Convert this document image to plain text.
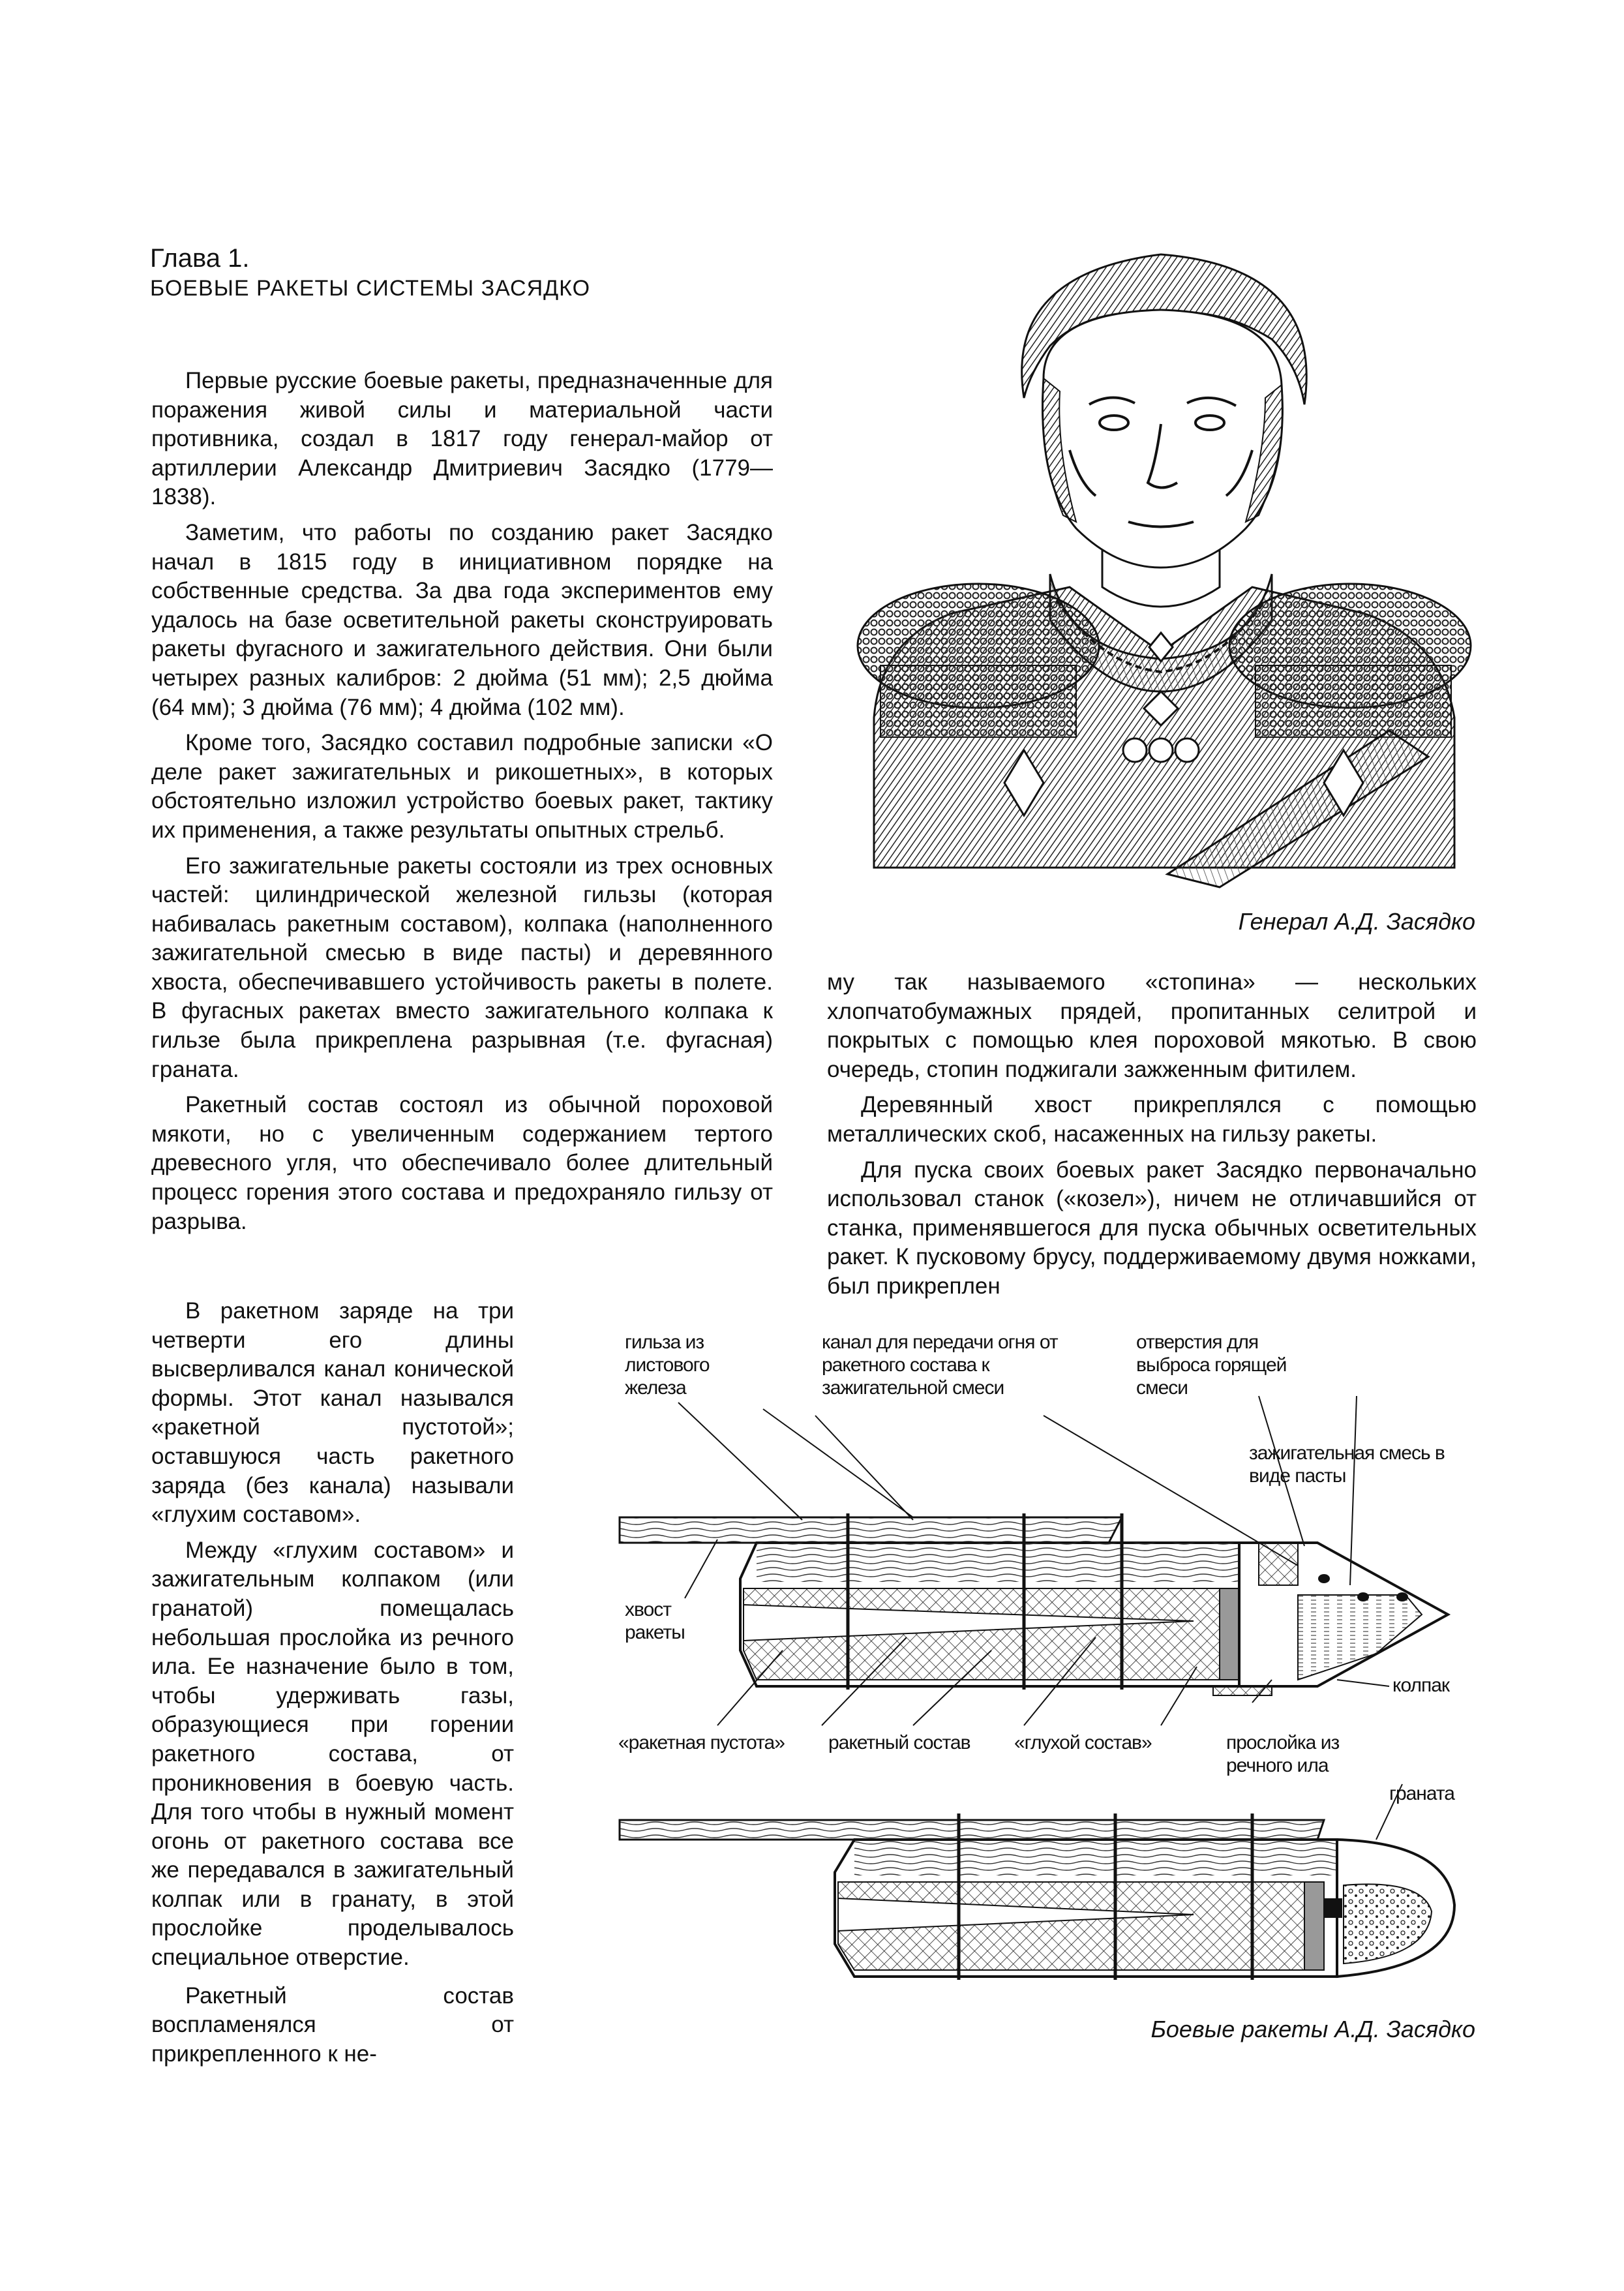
Глава 1.
БОЕВЫЕ РАКЕТЫ СИСТЕМЫ ЗАСЯДКО

Первые русские боевые ракеты, предназначенные для поражения живой силы и материальной части противника, создал в 1817 году генерал-майор от артиллерии Александр Дмитриевич Засядко (1779—1838).

Заметим, что работы по созданию ракет Засядко начал в 1815 году в инициативном порядке на собственные средства. За два года экспериментов ему удалось на базе осветительной ракеты сконструировать ракеты фугасного и зажигательного действия. Они были четырех разных калибров: 2 дюйма (51 мм); 2,5 дюйма (64 мм); 3 дюйма (76 мм); 4 дюйма (102 мм).

Кроме того, Засядко составил подробные записки «О деле ракет зажигательных и рикошетных», в которых обстоятельно изложил устройство боевых ракет, тактику их применения, а также результаты опытных стрельб.

Его зажигательные ракеты состояли из трех основных частей: цилиндрической железной гильзы (которая набивалась ракетным составом), колпака (наполненного зажигательной смесью в виде пасты) и деревянного хвоста, обеспечивавшего устойчивость ракеты в полете. В фугасных ракетах вместо зажигательного колпака к гильзе была прикреплена разрывная (т.е. фугасная) граната.

Ракетный состав состоял из обычной пороховой мякоти, но с увеличенным содержанием тертого древесного угля, что обеспечивало более длительный процесс горения этого состава и предохраняло гильзу от разрыва.

В ракетном заряде на три четверти его длины высверливался канал конической формы. Этот канал назывался «ракетной пустотой»; оставшуюся часть ракетного заряда (без канала) называли «глухим составом».

Между «глухим составом» и зажигательным колпаком (или гранатой) помещалась небольшая прослойка из речного ила. Ее назначение было в том, чтобы удерживать газы, образующиеся при горении ракетного состава, от проникновения в боевую часть. Для того чтобы в нужный момент огонь от ракетного состава все же передавался в зажигательный колпак или в гранату, в этой прослойке проделывалось специальное отверстие.

Ракетный состав воспламенялся от прикрепленного к не-

му так называемого «стопина» — нескольких хлопчатобумажных прядей, пропитанных селитрой и покрытых с помощью клея пороховой мякотью. В свою очередь, стопин поджигали зажженным фитилем.

Деревянный хвост прикреплялся с помощью металлических скоб, насаженных на гильзу ракеты.

Для пуска своих боевых ракет Засядко первоначально использовал станок («козел»), ничем не отличавшийся от станка, применявшегося для пуска обычных осветительных ракет. К пусковому брусу, поддерживаемому двумя ножками, был прикреплен

Генерал А.Д. Засядко
гильза из листового железа
канал для передачи огня от ракетного состава к зажигательной смеси
отверстия для выброса горящей смеси
зажигательная смесь в виде пасты
хвост ракеты
колпак
«ракетная пустота»	ракетный состав	«глухой состав»	прослойка из речного ила
граната
Боевые ракеты А.Д. Засядко
